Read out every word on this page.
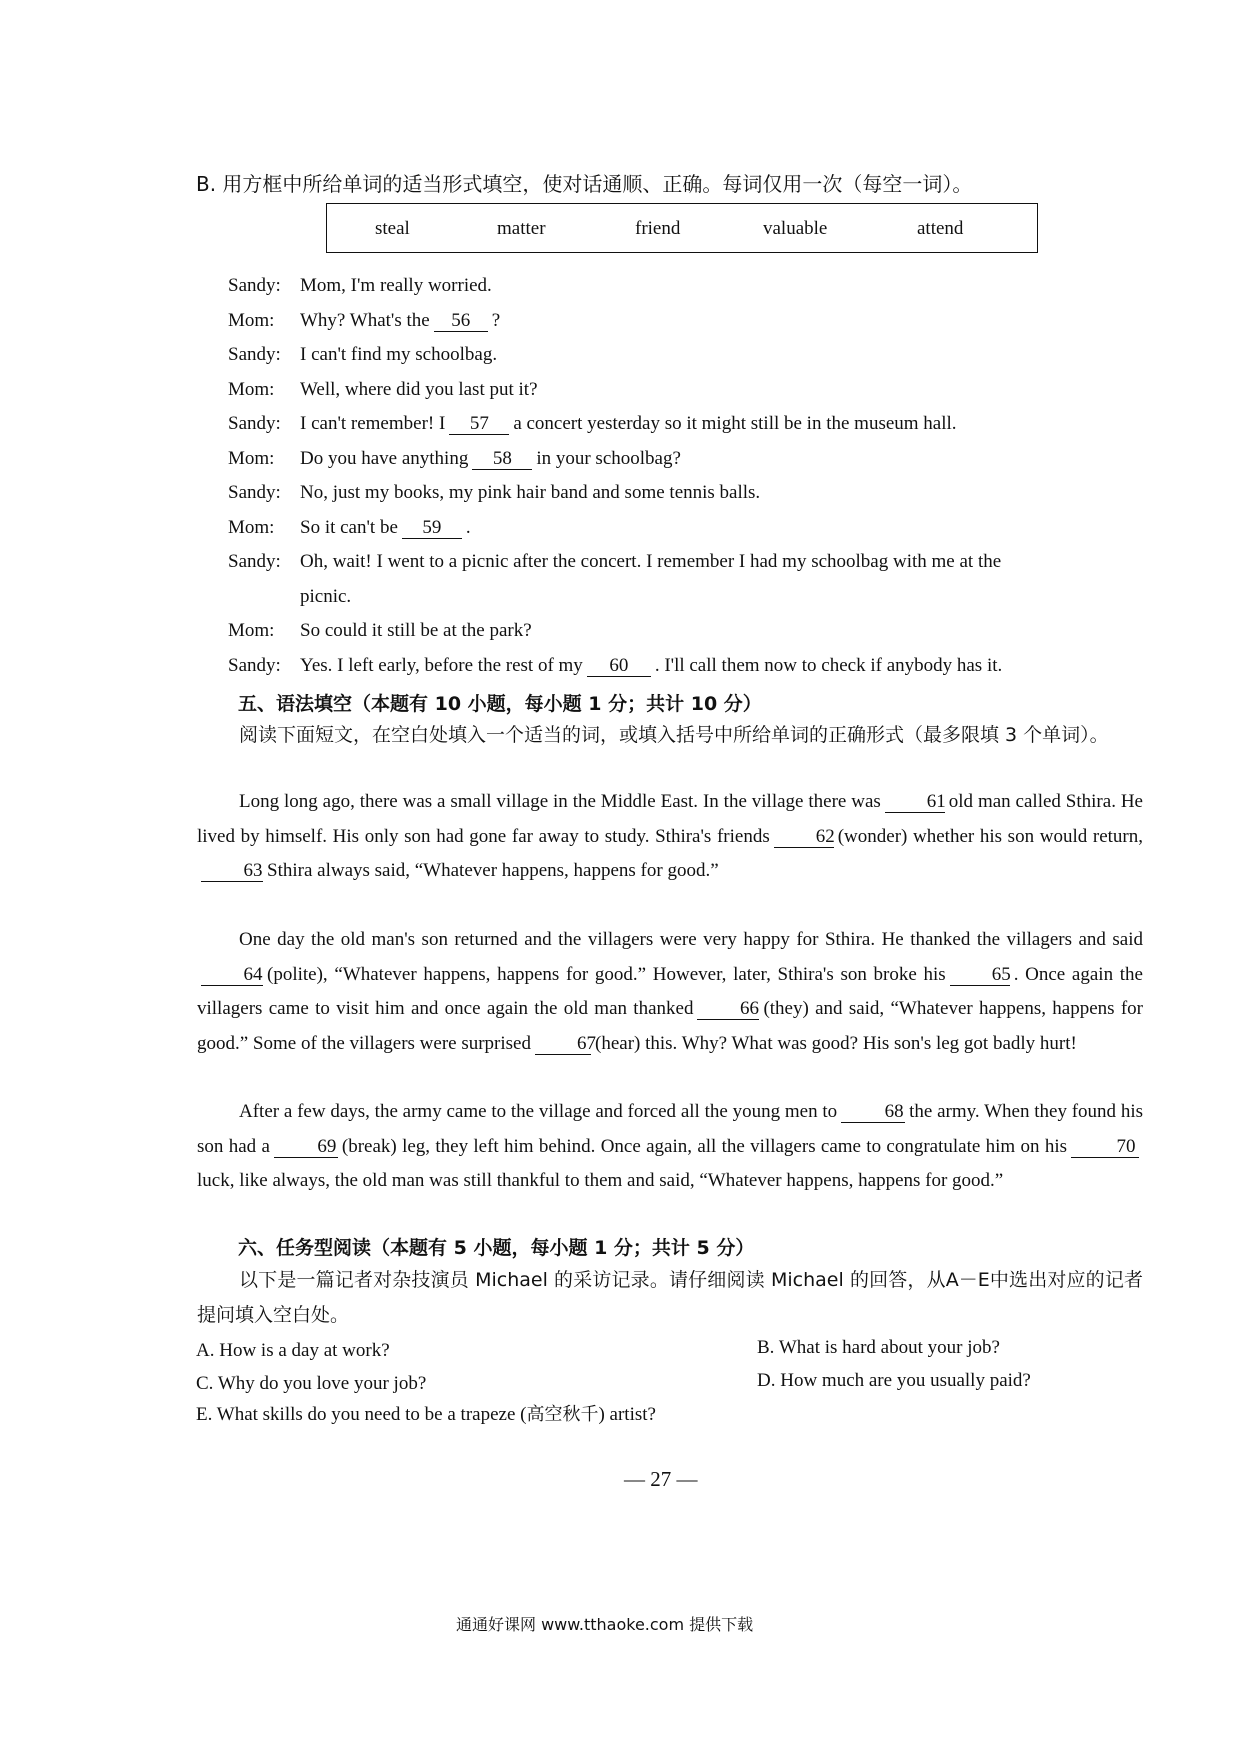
B. 用方框中所给单词的适当形式填空，使对话通顺、正确。每词仅用一次（每空一词）。
steal	matter	friend	valuable	attend
Sandy: Mom, I'm really worried.
Mom: Why? What's the 56 ?
Sandy: I can't find my schoolbag.
Mom: Well, where did you last put it?
Sandy: I can't remember! I 57 a concert yesterday so it might still be in the museum hall.
Mom: Do you have anything 58 in your schoolbag?
Sandy: No, just my books, my pink hair band and some tennis balls.
Mom: So it can't be 59 .
Sandy: Oh, wait! I went to a picnic after the concert. I remember I had my schoolbag with me at the
picnic.
Mom: So could it still be at the park?
Sandy: Yes. I left early, before the rest of my 60 . I'll call them now to check if anybody has it.
五、语法填空（本题有 10 小题，每小题 1 分；共计 10 分）
阅读下面短文，在空白处填入一个适当的词，或填入括号中所给单词的正确形式（最多限填 3 个单词）。
Long long ago, there was a small village in the Middle East. In the village there was 61 old man called Sthira. He lived by himself. His only son had gone far away to study. Sthira's friends 62 (wonder) whether his son would return,63 Sthira always said, “Whatever happens, happens for good.”
One day the old man's son returned and the villagers were very happy for Sthira. He thanked the villagers and said64 (polite), “Whatever happens, happens for good.” However, later, Sthira's son broke his 65 . Once again the villagers came to visit him and once again the old man thanked 66 (they) and said, “Whatever happens, happens for good.” Some of the villagers were surprised 67(hear) this. Why? What was good? His son's leg got badly hurt!
After a few days, the army came to the village and forced all the young men to	68 the army. When they found his son had a	69 (break) leg, they left him behind. Once again, all the villagers came to congratulate him on his	70luck, like always, the old man was still thankful to them and said, “Whatever happens, happens for good.”
六、任务型阅读（本题有 5 小题，每小题 1 分；共计 5 分）
以下是一篇记者对杂技演员 Michael 的采访记录。请仔细阅读 Michael 的回答，从A－E中选出对应的记者提问填入空白处。
A. How is a day at work?	B. What is hard about your job?
C. Why do you love your job?	D. How much are you usually paid?
E. What skills do you need to be a trapeze (高空秋千) artist?
— 27 —
通通好课网 www.tthaoke.com 提供下载
